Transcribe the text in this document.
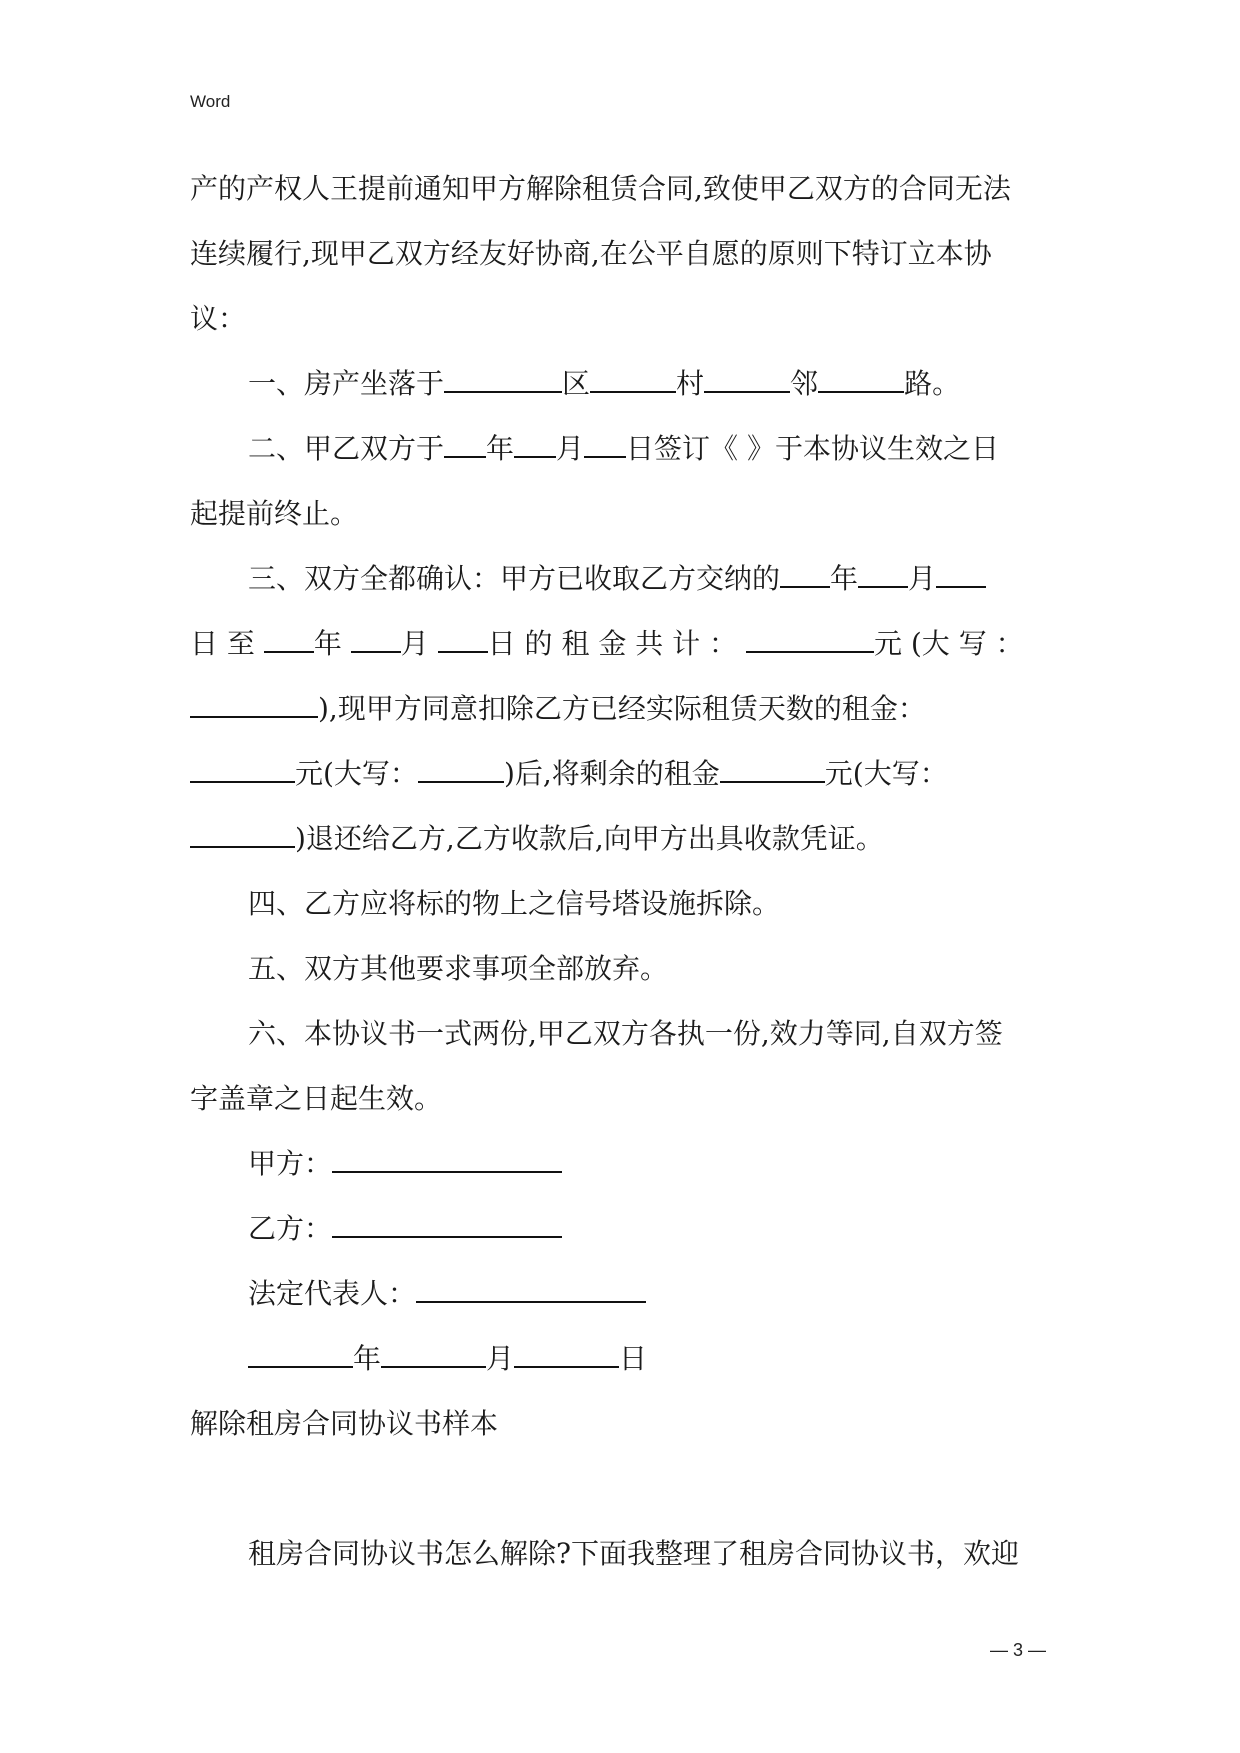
Word
产的产权人王提前通知甲方解除租赁合同,致使甲乙双方的合同无法
连续履行,现甲乙双方经友好协商,在公平自愿的原则下特订立本协
议：
一、房产坐落于	区	村	邻	路。
二、甲乙双方于 年 月 日签订《 》于本协议生效之日
起提前终止。
三、双方全都确认：甲方已收取乙方交纳的 年 月
日 至 年 月 日 的 租 金 共 计 ：	元 (大 写 ：
),现甲方同意扣除乙方已经实际租赁天数的租金：
元(大写：	)后,将剩余的租金	元(大写：
)退还给乙方,乙方收款后,向甲方出具收款凭证。
四、乙方应将标的物上之信号塔设施拆除。
五、双方其他要求事项全部放弃。
六、本协议书一式两份,甲乙双方各执一份,效力等同,自双方签
字盖章之日起生效。
甲方：
乙方：
法定代表人：
年	月	日
解除租房合同协议书样本
租房合同协议书怎么解除?下面我整理了租房合同协议书，欢迎
— 3 —
